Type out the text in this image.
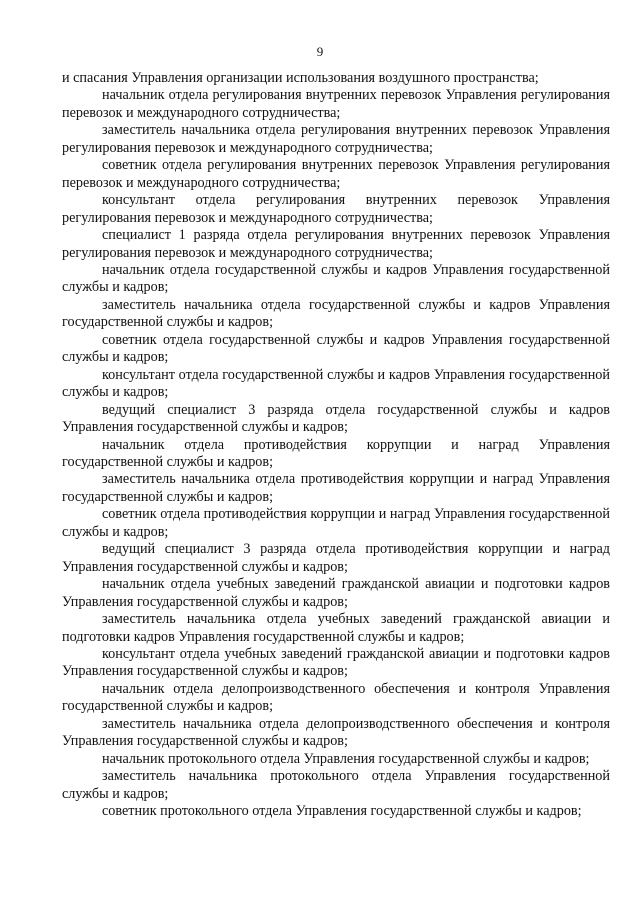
9

и спасания Управления организации использования воздушного пространства;

начальник отдела регулирования внутренних перевозок Управления регулирования перевозок и международного сотрудничества;

заместитель начальника отдела регулирования внутренних перевозок Управления регулирования перевозок и международного сотрудничества;

советник отдела регулирования внутренних перевозок Управления регулирования перевозок и международного сотрудничества;

консультант отдела регулирования внутренних перевозок Управления регулирования перевозок и международного сотрудничества;

специалист 1 разряда отдела регулирования внутренних перевозок Управления регулирования перевозок и международного сотрудничества;

начальник отдела государственной службы и кадров Управления государственной службы и кадров;

заместитель начальника отдела государственной службы и кадров Управления государственной службы и кадров;

советник отдела государственной службы и кадров Управления государственной службы и кадров;

консультант отдела государственной службы и кадров Управления государственной службы и кадров;

ведущий специалист 3 разряда отдела государственной службы и кадров Управления государственной службы и кадров;

начальник отдела противодействия коррупции и наград Управления государственной службы и кадров;

заместитель начальника отдела противодействия коррупции и наград Управления государственной службы и кадров;

советник отдела противодействия коррупции и наград Управления государственной службы и кадров;

ведущий специалист 3 разряда отдела противодействия коррупции и наград Управления государственной службы и кадров;

начальник отдела учебных заведений гражданской авиации и подготовки кадров Управления государственной службы и кадров;

заместитель начальника отдела учебных заведений гражданской авиации и подготовки кадров Управления государственной службы и кадров;

консультант отдела учебных заведений гражданской авиации и подготовки кадров Управления государственной службы и кадров;

начальник отдела делопроизводственного обеспечения и контроля Управления государственной службы и кадров;

заместитель начальника отдела делопроизводственного обеспечения и контроля Управления государственной службы и кадров;

начальник протокольного отдела Управления государственной службы и кадров;

заместитель начальника протокольного отдела Управления государственной службы и кадров;

советник протокольного отдела Управления государственной службы и кадров;
